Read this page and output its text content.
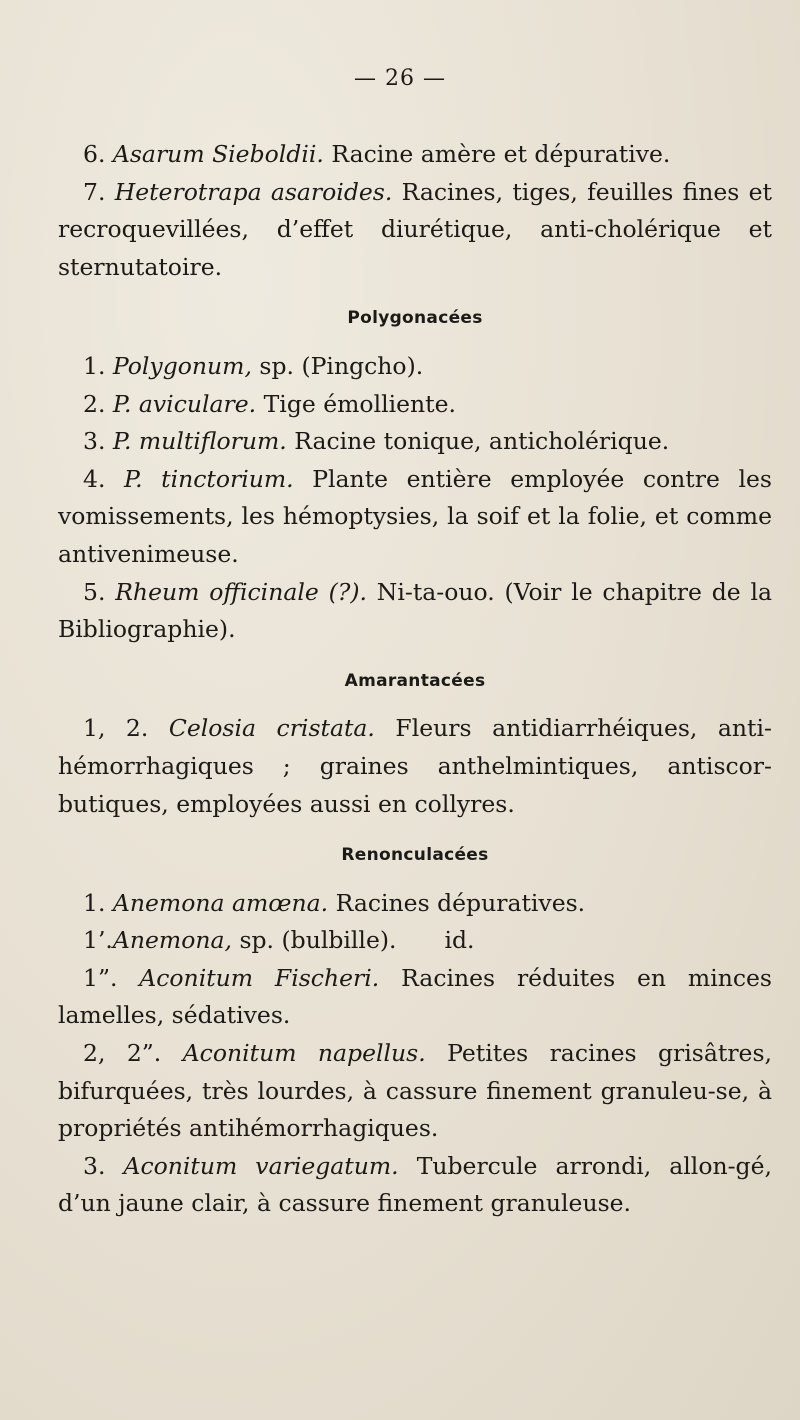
— 26 —

6. Asarum Sieboldii. Racine amère et dépurative.

7. Heterotrapa asaroides. Racines, tiges, feuilles fines et recroquevillées, d’effet diurétique, anti-cholérique et sternutatoire.

Polygonacées

1. Polygonum, sp. (Pingcho).

2. P. aviculare. Tige émolliente.

3. P. multiflorum. Racine tonique, anticholérique.

4. P. tinctorium. Plante entière employée contre les vomissements, les hémoptysies, la soif et la folie, et comme antivenimeuse.

5. Rheum officinale (?). Ni-ta-ouo. (Voir le chapitre de la Bibliographie).

Amarantacées

1, 2. Celosia cristata. Fleurs antidiarrhéiques, anti-hémorrhagiques ; graines anthelmintiques, antiscor-butiques, employées aussi en collyres.

Renonculacées

1. Anemona amœna. Racines dépuratives.

1’.Anemona, sp. (bulbille). id.

1”. Aconitum Fischeri. Racines réduites en minces lamelles, sédatives.

2, 2”. Aconitum napellus. Petites racines grisâtres, bifurquées, très lourdes, à cassure finement granuleu-se, à propriétés antihémorrhagiques.

3. Aconitum variegatum. Tubercule arrondi, allon-gé, d’un jaune clair, à cassure finement granuleuse.
